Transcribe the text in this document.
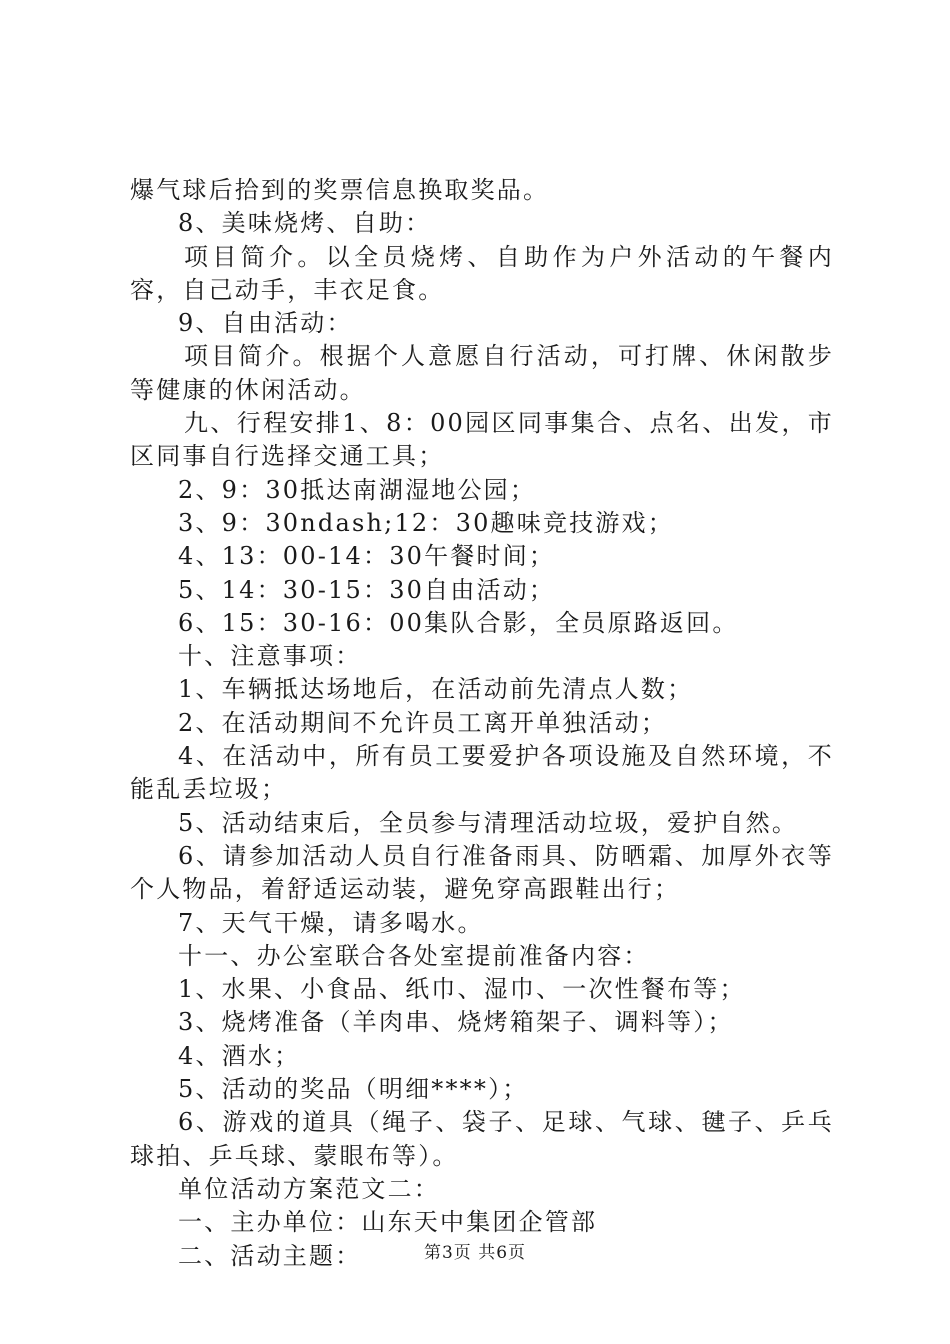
爆气球后拾到的奖票信息换取奖品。

8、美味烧烤、自助：

项目简介。以全员烧烤、自助作为户外活动的午餐内容，自己动手，丰衣足食。

9、自由活动：

项目简介。根据个人意愿自行活动，可打牌、休闲散步等健康的休闲活动。

九、行程安排1、8：00园区同事集合、点名、出发，市区同事自行选择交通工具；

2、9：30抵达南湖湿地公园；

3、9：30ndash;12：30趣味竞技游戏；

4、13：00-14：30午餐时间；

5、14：30-15：30自由活动；

6、15：30-16：00集队合影，全员原路返回。

十、注意事项：

1、车辆抵达场地后，在活动前先清点人数；

2、在活动期间不允许员工离开单独活动；

4、在活动中，所有员工要爱护各项设施及自然环境，不能乱丢垃圾；

5、活动结束后，全员参与清理活动垃圾，爱护自然。

6、请参加活动人员自行准备雨具、防晒霜、加厚外衣等个人物品，着舒适运动装，避免穿高跟鞋出行；

7、天气干燥，请多喝水。

十一、办公室联合各处室提前准备内容：

1、水果、小食品、纸巾、湿巾、一次性餐布等；

3、烧烤准备（羊肉串、烧烤箱架子、调料等）；

4、酒水；

5、活动的奖品（明细****）；

6、游戏的道具（绳子、袋子、足球、气球、毽子、乒乓球拍、乒乓球、蒙眼布等）。

单位活动方案范文二：

一、主办单位：山东天中集团企管部

二、活动主题：	第3页 共6页
